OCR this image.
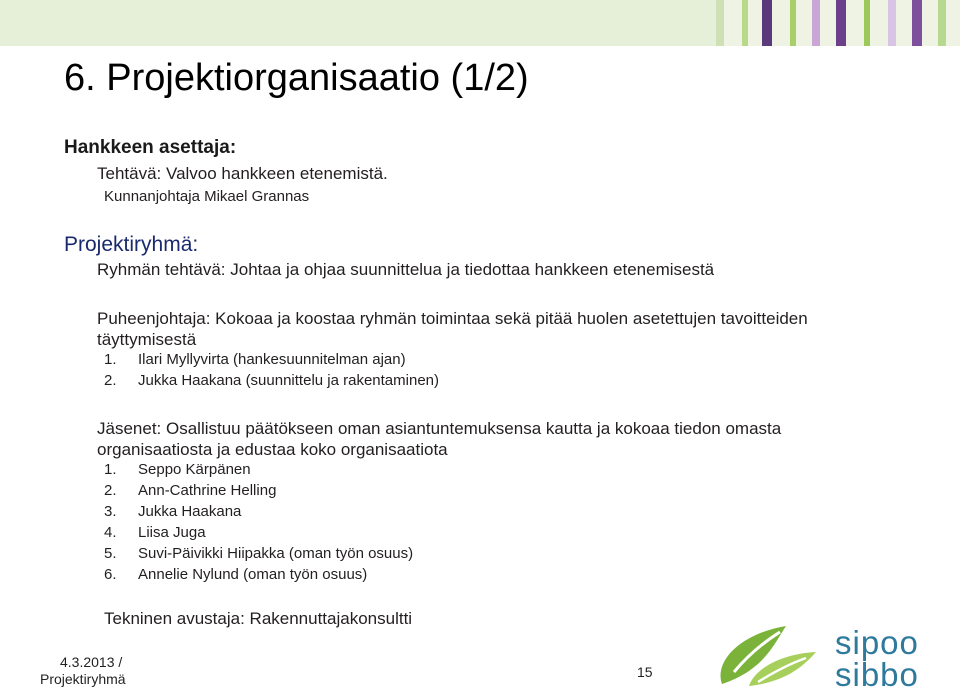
6. Projektiorganisaatio (1/2)
Hankkeen asettaja:
Tehtävä: Valvoo hankkeen etenemistä.
Kunnanjohtaja Mikael Grannas
Projektiryhmä:
Ryhmän tehtävä: Johtaa ja ohjaa suunnittelua ja tiedottaa hankkeen etenemisestä
Puheenjohtaja: Kokoaa ja koostaa ryhmän toimintaa sekä pitää huolen asetettujen tavoitteiden
täyttymisestä
1. Ilari Myllyvirta (hankesuunnitelman ajan)
2. Jukka Haakana (suunnittelu ja rakentaminen)
Jäsenet: Osallistuu päätökseen oman asiantuntemuksensa kautta ja kokoaa tiedon omasta
organisaatiosta ja edustaa koko organisaatiota
1. Seppo Kärpänen
2. Ann-Cathrine Helling
3. Jukka Haakana
4. Liisa Juga
5. Suvi-Päivikki Hiipakka (oman työn osuus)
6. Annelie Nylund (oman työn osuus)
Tekninen avustaja: Rakennuttajakonsultti
4.3.2013 /
Projektiryhmä	15
sipoo
sibbo
